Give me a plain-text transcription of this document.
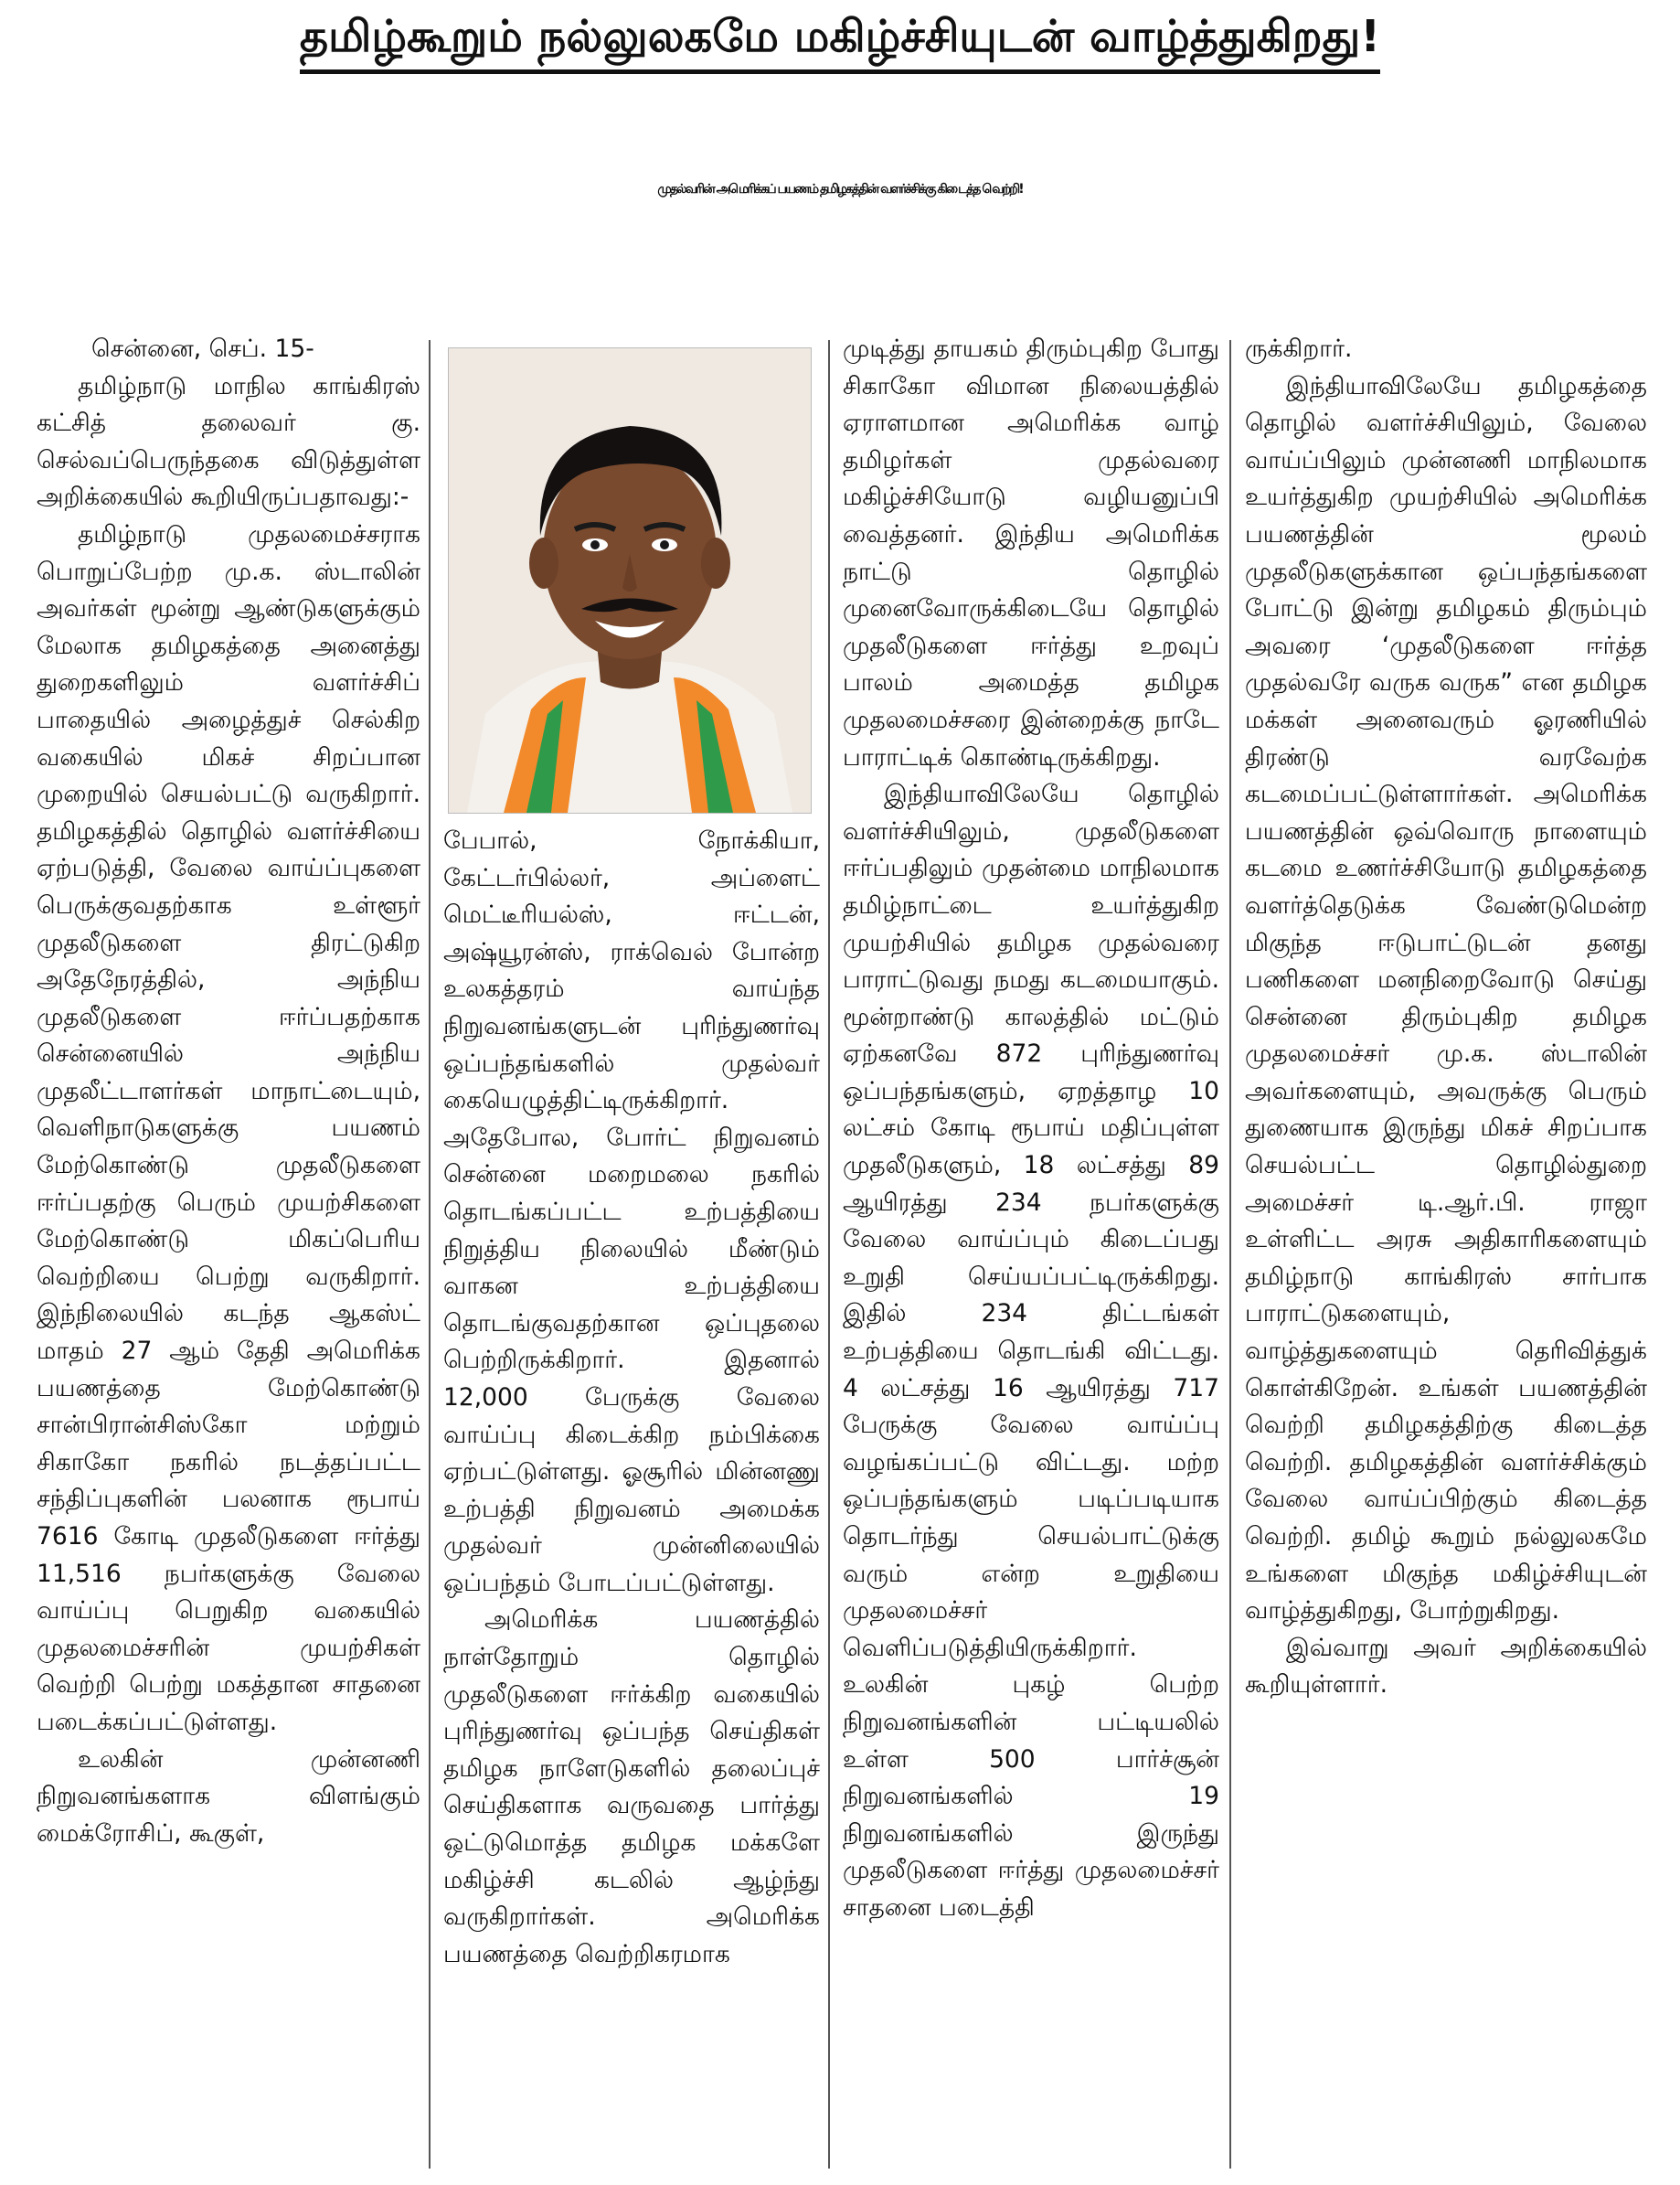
தமிழ்கூறும் நல்லுலகமே மகிழ்ச்சியுடன் வாழ்த்துகிறது!
முதல்வரின் அமெரிக்கப் பயணம் தமிழகத்தின் வளர்ச்சிக்கு கிடைத்த வெற்றி!

சென்னை, செப். 15-

தமிழ்நாடு மாநில காங்கிரஸ் கட்சித் தலைவர் கு. செல்வப்பெருந்தகை விடுத்துள்ள அறிக்கையில் கூறியிருப்பதாவது:-

தமிழ்நாடு முதலமைச்சராக பொறுப்பேற்ற மு.க. ஸ்டாலின் அவர்கள் மூன்று ஆண்டுகளுக்கும் மேலாக தமிழகத்தை அனைத்து துறைகளிலும் வளர்ச்சிப் பாதையில் அழைத்துச் செல்கிற வகையில் மிகச் சிறப்பான முறையில் செயல்பட்டு வருகிறார். தமிழகத்தில் தொழில் வளர்ச்சியை ஏற்படுத்தி, வேலை வாய்ப்புகளை பெருக்குவதற்காக உள்ளூர் முதலீடுகளை திரட்டுகிற அதேநேரத்தில், அந்நிய முதலீடுகளை ஈர்ப்பதற்காக சென்னையில் அந்நிய முதலீட்டாளர்கள் மாநாட்டையும், வெளிநாடுகளுக்கு பயணம் மேற்கொண்டு முதலீடுகளை ஈர்ப்பதற்கு பெரும் முயற்சிகளை மேற்கொண்டு மிகப்பெரிய வெற்றியை பெற்று வருகிறார். இந்நிலையில் கடந்த ஆகஸ்ட் மாதம் 27 ஆம் தேதி அமெரிக்க பயணத்தை மேற்கொண்டு சான்பிரான்சிஸ்கோ மற்றும் சிகாகோ நகரில் நடத்தப்பட்ட சந்திப்புகளின் பலனாக ரூபாய் 7616 கோடி முதலீடுகளை ஈர்த்து 11,516 நபர்களுக்கு வேலை வாய்ப்பு பெறுகிற வகையில் முதலமைச்சரின் முயற்சிகள் வெற்றி பெற்று மகத்தான சாதனை படைக்கப்பட்டுள்ளது.

உலகின் முன்னணி நிறுவனங்களாக விளங்கும் மைக்ரோசிப், கூகுள்,

பேபால், நோக்கியா, கேட்டர்பில்லர், அப்ளைட் மெட்டீரியல்ஸ், ஈட்டன், அஷ்யூரன்ஸ், ராக்வெல் போன்ற உலகத்தரம் வாய்ந்த நிறுவனங்களுடன் புரிந்துணர்வு ஒப்பந்தங்களில் முதல்வர் கையெழுத்திட்டிருக்கிறார். அதேபோல, போர்ட் நிறுவனம் சென்னை மறைமலை நகரில் தொடங்கப்பட்ட உற்பத்தியை நிறுத்திய நிலையில் மீண்டும் வாகன உற்பத்தியை தொடங்குவதற்கான ஒப்புதலை பெற்றிருக்கிறார். இதனால் 12,000 பேருக்கு வேலை வாய்ப்பு கிடைக்கிற நம்பிக்கை ஏற்பட்டுள்ளது. ஓசூரில் மின்னணு உற்பத்தி நிறுவனம் அமைக்க முதல்வர் முன்னிலையில் ஒப்பந்தம் போடப்பட்டுள்ளது.

அமெரிக்க பயணத்தில் நாள்தோறும் தொழில் முதலீடுகளை ஈர்க்கிற வகையில் புரிந்துணர்வு ஒப்பந்த செய்திகள் தமிழக நாளேடுகளில் தலைப்புச் செய்திகளாக வருவதை பார்த்து ஒட்டுமொத்த தமிழக மக்களே மகிழ்ச்சி கடலில் ஆழ்ந்து வருகிறார்கள். அமெரிக்க பயணத்தை வெற்றிகரமாக

முடித்து தாயகம் திரும்புகிற போது சிகாகோ விமான நிலையத்தில் ஏராளமான அமெரிக்க வாழ் தமிழர்கள் முதல்வரை மகிழ்ச்சியோடு வழியனுப்பி வைத்தனர். இந்திய அமெரிக்க நாட்டு தொழில் முனைவோருக்கிடையே தொழில் முதலீடுகளை ஈர்த்து உறவுப் பாலம் அமைத்த தமிழக முதலமைச்சரை இன்றைக்கு நாடே பாராட்டிக் கொண்டிருக்கிறது.

இந்தியாவிலேயே தொழில் வளர்ச்சியிலும், முதலீடுகளை ஈர்ப்பதிலும் முதன்மை மாநிலமாக தமிழ்நாட்டை உயர்த்துகிற முயற்சியில் தமிழக முதல்வரை பாராட்டுவது நமது கடமையாகும். மூன்றாண்டு காலத்தில் மட்டும் ஏற்கனவே 872 புரிந்துணர்வு ஒப்பந்தங்களும், ஏறத்தாழ 10 லட்சம் கோடி ரூபாய் மதிப்புள்ள முதலீடுகளும், 18 லட்சத்து 89 ஆயிரத்து 234 நபர்களுக்கு வேலை வாய்ப்பும் கிடைப்பது உறுதி செய்யப்பட்டிருக்கிறது. இதில் 234 திட்டங்கள் உற்பத்தியை தொடங்கி விட்டது. 4 லட்சத்து 16 ஆயிரத்து 717 பேருக்கு வேலை வாய்ப்பு வழங்கப்பட்டு விட்டது. மற்ற ஒப்பந்தங்களும் படிப்படியாக தொடர்ந்து செயல்பாட்டுக்கு வரும் என்ற உறுதியை முதலமைச்சர் வெளிப்படுத்தியிருக்கிறார். உலகின் புகழ் பெற்ற நிறுவனங்களின் பட்டியலில் உள்ள 500 பார்ச்சூன் நிறுவனங்களில் 19 நிறுவனங்களில் இருந்து முதலீடுகளை ஈர்த்து முதலமைச்சர் சாதனை படைத்தி

ருக்கிறார்.

இந்தியாவிலேயே தமிழகத்தை தொழில் வளர்ச்சியிலும், வேலை வாய்ப்பிலும் முன்னணி மாநிலமாக உயர்த்துகிற முயற்சியில் அமெரிக்க பயணத்தின் மூலம் முதலீடுகளுக்கான ஒப்பந்தங்களை போட்டு இன்று தமிழகம் திரும்பும் அவரை ‘முதலீடுகளை ஈர்த்த முதல்வரே வருக வருக” என தமிழக மக்கள் அனைவரும் ஓரணியில் திரண்டு வரவேற்க கடமைப்பட்டுள்ளார்கள். அமெரிக்க பயணத்தின் ஒவ்வொரு நாளையும் கடமை உணர்ச்சியோடு தமிழகத்தை வளர்த்தெடுக்க வேண்டுமென்ற மிகுந்த ஈடுபாட்டுடன் தனது பணிகளை மனநிறைவோடு செய்து சென்னை திரும்புகிற தமிழக முதலமைச்சர் மு.க. ஸ்டாலின் அவர்களையும், அவருக்கு பெரும் துணையாக இருந்து மிகச் சிறப்பாக செயல்பட்ட தொழில்துறை அமைச்சர் டி.ஆர்.பி. ராஜா உள்ளிட்ட அரசு அதிகாரிகளையும் தமிழ்நாடு காங்கிரஸ் சார்பாக பாராட்டுகளையும், வாழ்த்துகளையும் தெரிவித்துக் கொள்கிறேன். உங்கள் பயணத்தின் வெற்றி தமிழகத்திற்கு கிடைத்த வெற்றி. தமிழகத்தின் வளர்ச்சிக்கும் வேலை வாய்ப்பிற்கும் கிடைத்த வெற்றி. தமிழ் கூறும் நல்லுலகமே உங்களை மிகுந்த மகிழ்ச்சியுடன் வாழ்த்துகிறது, போற்றுகிறது.

இவ்வாறு அவர் அறிக்கையில் கூறியுள்ளார்.
